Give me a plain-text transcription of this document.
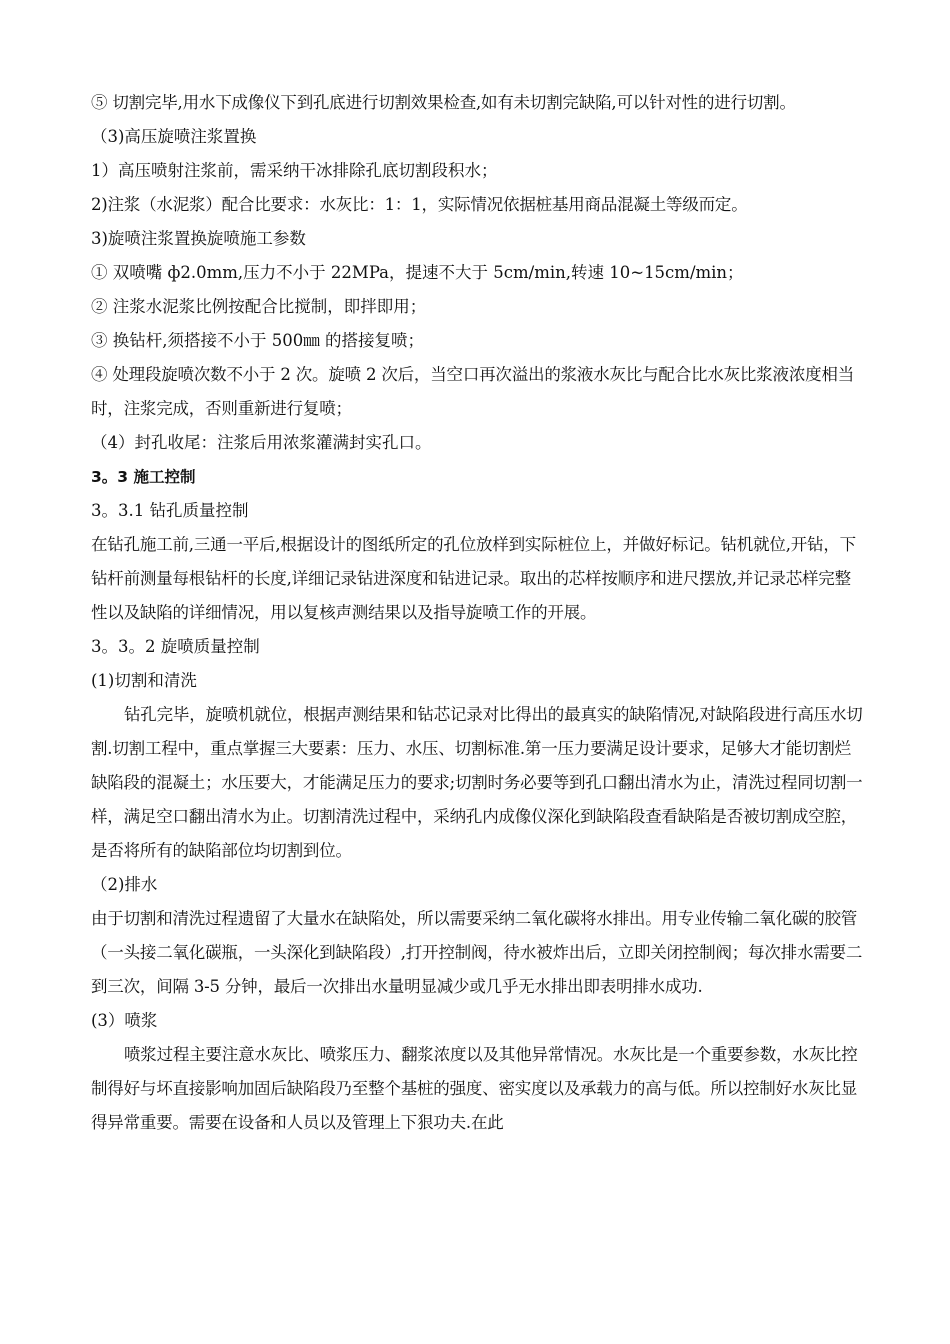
⑤ 切割完毕,用水下成像仪下到孔底进行切割效果检查,如有未切割完缺陷,可以针对性的进行切割。

（3)高压旋喷注浆置换

1）高压喷射注浆前，需采纳干冰排除孔底切割段积水；

2)注浆（水泥浆）配合比要求：水灰比：1：1，实际情况依据桩基用商品混凝土等级而定。

3)旋喷注浆置换旋喷施工参数

① 双喷嘴 ф2.0mm,压力不小于 22MPa，提速不大于 5cm/min,转速 10~15cm/min；

② 注浆水泥浆比例按配合比搅制，即拌即用；

③ 换钻杆,须搭接不小于 500㎜ 的搭接复喷；

④ 处理段旋喷次数不小于 2 次。旋喷 2 次后，当空口再次溢出的浆液水灰比与配合比水灰比浆液浓度相当时，注浆完成，否则重新进行复喷；

（4）封孔收尾：注浆后用浓浆灌满封实孔口。

3。3 施工控制

3。3.1 钻孔质量控制

在钻孔施工前,三通一平后,根据设计的图纸所定的孔位放样到实际桩位上，并做好标记。钻机就位,开钻，下钻杆前测量每根钻杆的长度,详细记录钻进深度和钻进记录。取出的芯样按顺序和进尺摆放,并记录芯样完整性以及缺陷的详细情况，用以复核声测结果以及指导旋喷工作的开展。

3。3。2 旋喷质量控制

(1)切割和清洗

钻孔完毕，旋喷机就位，根据声测结果和钻芯记录对比得出的最真实的缺陷情况,对缺陷段进行高压水切割.切割工程中，重点掌握三大要素：压力、水压、切割标准.第一压力要满足设计要求，足够大才能切割烂缺陷段的混凝土；水压要大，才能满足压力的要求;切割时务必要等到孔口翻出清水为止，清洗过程同切割一样，满足空口翻出清水为止。切割清洗过程中，采纳孔内成像仪深化到缺陷段查看缺陷是否被切割成空腔，是否将所有的缺陷部位均切割到位。

（2)排水

由于切割和清洗过程遗留了大量水在缺陷处，所以需要采纳二氧化碳将水排出。用专业传输二氧化碳的胶管（一头接二氧化碳瓶，一头深化到缺陷段）,打开控制阀，待水被炸出后，立即关闭控制阀；每次排水需要二到三次，间隔 3-5 分钟，最后一次排出水量明显减少或几乎无水排出即表明排水成功.

(3）喷浆

喷浆过程主要注意水灰比、喷浆压力、翻浆浓度以及其他异常情况。水灰比是一个重要参数，水灰比控制得好与坏直接影响加固后缺陷段乃至整个基桩的强度、密实度以及承载力的高与低。所以控制好水灰比显得异常重要。需要在设备和人员以及管理上下狠功夫.在此
